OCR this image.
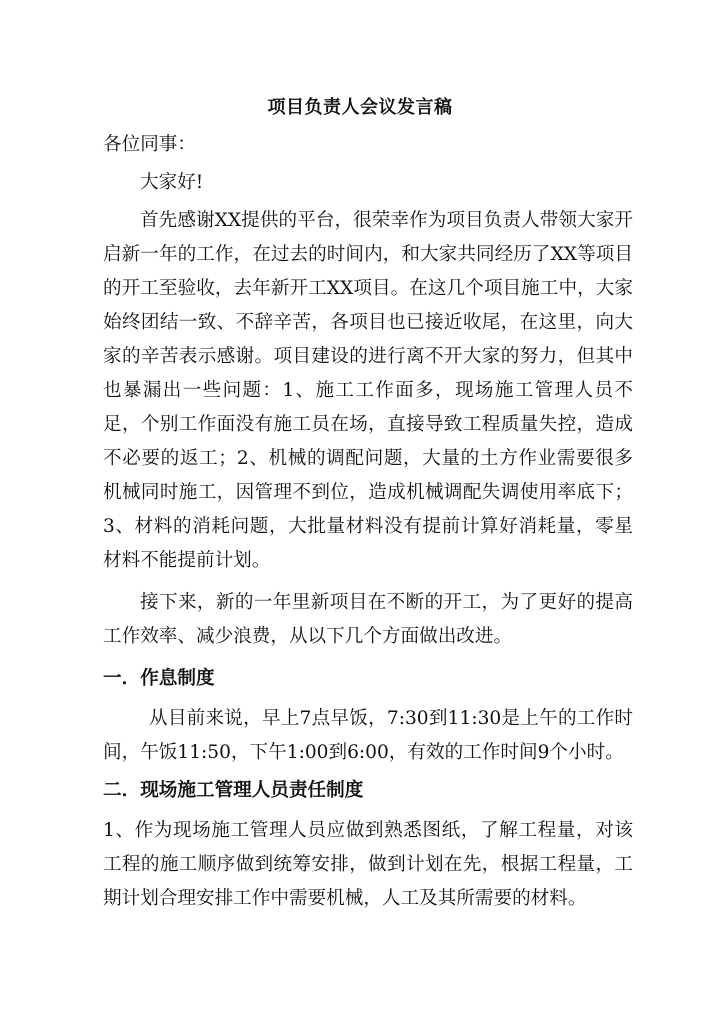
项目负责人会议发言稿

各位同事：

大家好!

首先感谢XX提供的平台，很荣幸作为项目负责人带领大家开启新一年的工作，在过去的时间内，和大家共同经历了XX等项目的开工至验收，去年新开工XX项目。在这几个项目施工中，大家始终团结一致、不辞辛苦，各项目也已接近收尾，在这里，向大家的辛苦表示感谢。项目建设的进行离不开大家的努力，但其中也暴漏出一些问题：1、施工工作面多，现场施工管理人员不足，个别工作面没有施工员在场，直接导致工程质量失控，造成不必要的返工；2、机械的调配问题，大量的土方作业需要很多机械同时施工，因管理不到位，造成机械调配失调使用率底下；3、材料的消耗问题，大批量材料没有提前计算好消耗量，零星材料不能提前计划。

接下来，新的一年里新项目在不断的开工，为了更好的提高工作效率、减少浪费，从以下几个方面做出改进。

一．作息制度

从目前来说，早上7点早饭，7:30到11:30是上午的工作时间，午饭11:50，下午1:00到6:00，有效的工作时间9个小时。

二．现场施工管理人员责任制度

1、作为现场施工管理人员应做到熟悉图纸，了解工程量，对该工程的施工顺序做到统筹安排，做到计划在先，根据工程量，工期计划合理安排工作中需要机械，人工及其所需要的材料。
